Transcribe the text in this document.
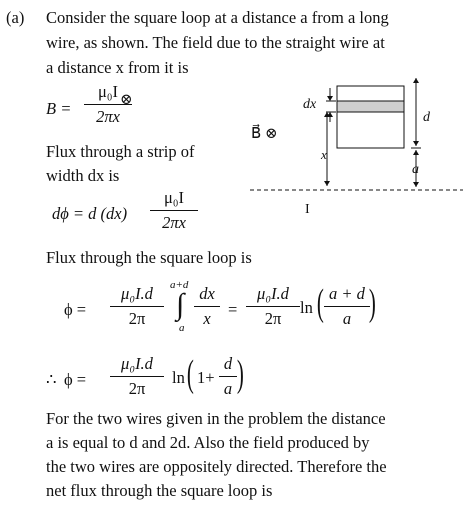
(a) Consider the square loop at a distance a from a long
wire, as shown. The field due to the straight wire at
a distance x from it is
B =
μ₀I
2πx
⊗
Flux through a strip of
width dx is
dϕ = d (dx)
μ₀I
2πx
Flux through the square loop is
ϕ =
μ₀I.d
2π
a+d
∫
a
dx
x	=
μ₀I.d
2π
ln ( a + d
a )
∴ ϕ =
μ₀I.d
2π
ln ( 1+
d
a )
For the two wires given in the problem the distance
a is equal to d and 2d. Also the field produced by
the two wires are oppositely directed. Therefore the
net flux through the square loop is
dx
d
x
a
B⃗ ⊗
I
